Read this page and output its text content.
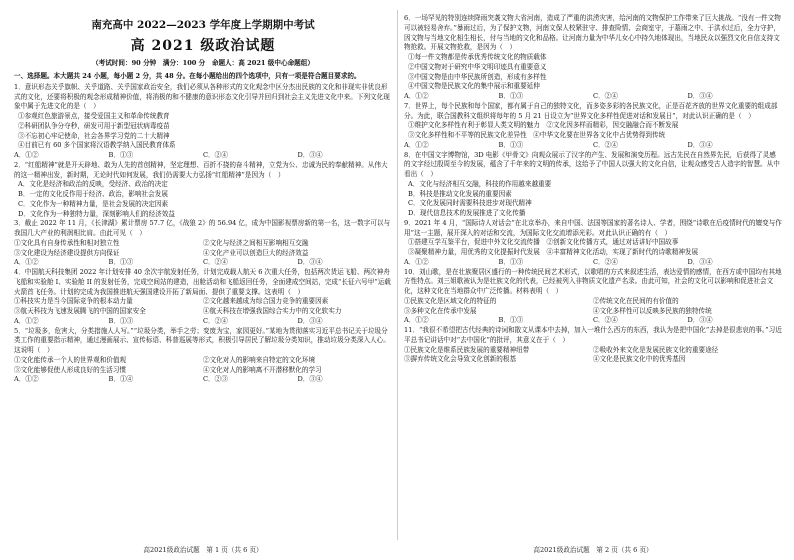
南充高中 2022—2023 学年度上学期期中考试
高 2021 级政治试题
（考试时间：90 分钟　满分：100 分　命题人：高 2021 级中心命题组）
一、选择题。本大题共 24 小题，每小题 2 分，共 48 分。在每小题给出的四个选项中，只有一项是符合题目要求的。
1．意识形态关乎旗帜、关乎道路、关乎国家政治安全，我们必须从各种形式的文化观念中区分杰出民族的文化和非现实非优良形式的文化，还要将积极的观念形成精神价值，将消极的和不健康的意识形态文化引导并回归到社会主义先进文化中来。下列文化现象中属于先进文化的是（　）
①参观红色旅游景点，接受爱国主义和革命传统教育
②科研团队争分夺秒，研发可用于新型冠状病毒疫苗
③不忘初心牢记使命，社会各界学习党的二十大精神
④目前已有 60 多个国家将汉语教学纳入国民教育体系
A．①②	B．①③	C．②④	D．③④
2．“红船精神”就是开天辟地、敢为人先的首创精神，坚定理想、百折不挠的奋斗精神，立党为公、忠诚为民的奉献精神。从伟大的这一精神出发，新时期，无论时代如何发展，我们仍需要大力弘扬“红船精神”是因为（　）
A．文化是经济和政治的反映，受经济、政治的决定
B．一定的文化反作用于经济、政治，影响社会发展
C．文化作为一种精神力量，是社会发展的决定因素
D．文化作为一种独特力量，深刻影响人们的经济效益
3．截止 2022 年 11 月，《长津湖》累计票房 57.7 亿，《战狼 2》的 56.94 亿，成为中国影视票房新的第一名，这一数字可以与我国几大产业的利润相比肩。由此可见（　）
①文化具有自身传承性和相对独立性	②文化与经济之间相互影响相互交融
③文化建设为经济建设提供方向保证	④文化产业可以创造巨大的经济效益
A．①②	B．①③	C．②④	D．③④
4．中国航天科技集团 2022 年计划安排 40 余次宇航发射任务，计划完成载人航天 6 次重大任务，包括两次货运飞船、两次神舟飞船和实验舱 I、实验舱 II 的发射任务，完成空间站的建造，出舱活动和飞船返回任务，全面建成空间站，完成“长征六号甲”运载火箭首飞任务。计划的完成为我国推进航天强国建设开拓了新局面、提供了重要支撑。这表明（　）
①科技实力是当今国际竞争的根本动力量	②文化越来越成为综合国力竞争的重要因素
③航天科技为飞速发展腾飞的中国的国家安全	④航天科技在增强我国综合实力中的文化软实力
A．①②	B．①③	C．②④	D．③④
5．“垃圾多，危害大，分类措施人人写。”“垃圾分类，举手之劳；变废为宝，家园更好。”某地为贯彻落实习近平总书记关于垃圾分类工作的重要指示精神，通过漫画展示、宣传标语、科普巡展等形式，积极引导居民了解垃圾分类知识，推动垃圾分类深入人心。这说明（　）
①文化能传承一个人的世界观和价值观	②文化对人的影响来自特定的文化环境
③文化能够促使人形成良好的生活习惯	④文化对人的影响离不开潜移默化的学习
A．①②	B．①④	C．②③	D．③④
6．一场罕见的特别连续降雨突袭文物大省河南，造成了严重的洪涝灾害，给河南的文物保护工作带来了巨大挑战。“没有一件文物可以被轻易舍弃。”暴雨过后，为了保护文物，河南文保人校紧驻守、排查险情、会商室守，于墓雨之中、于洪水过后，全力守护，因文物与当地文化相生相长，付与当地的文化和品格。让河南力量为中华儿女心中持久地体现出，当地民众以强烈文化自信支持文物抢救。开展文物抢救，是因为（　）
①每一件文物都是传承优秀传统文化的物质载体
②中国文物对于研究中华文明印迹具有重要意义
③中国文物是由中华民族所创造，形成有多样性
④中国文物是民族文化的集中展示和重要延伸
A．①②	B．①③	C．②④	D．③④
7．世界上，每个民族和每个国家，都有属于自己的独特文化，而多姿多彩的各民族文化，正是百花齐放的世界文化重要的组成部分。为此，联合国教科文组织将每年的 5 月 21 日设立为“世界文化多样性促进对话和发展日”，对此认识正确的是（　）
①维护文化多样性有利于彰显人类文明的魅力　②文化因多样而精彩，因交融融合而不断发展
③文化多样性和不平等的民族文化差异性　④中华文化要在世界各文化中占优势得到传统
A．①②	B．①③	C．②④	D．③④
8．在中国文字博物馆，3D 电影《甲骨文》向观众展示了汉字的产生、发展和演变历程。远古先民在自然界先民，后获得了灵感的文字经过殷周至今的发展，蕴含了千年来的文明的传承，这给予了中国人以强大的文化自信，让观众感受古人造字的智慧。从中看出（　）
A．文化与经济相互交融，科技的作用越来越重要
B．科技是推动文化发展的重要因素
C．文化发展同时需要科技进步对现代精神
D．现代信息技术的发展推进了文化传播
9．2021 年 4 月，“国际诗人对话会”在北京举办，来自中国、法国等国家的著名诗人、学者，围绕“诗歌在后疫情时代的嬗变与作用”这一主题，展开深入的对话和交流，为国际文化交流增添光彩。对此认识正确的有（　）
①搭建互学互鉴平台，促进中外文化交流传播　②创新文化传播方式，通过对话讲好中国故事
③凝聚精神力量，用优秀的文化提振时代发展　④丰富精神文化活动，实现了新时代的诗歌精神发展
A．①②	B．①③	C．②④	D．③④
10．刘山歌，是在壮族聚居区盛行的一种传统民间艺术形式，以歌唱的方式来叙述生活，表达爱情的感情，在西方或中国均有其地方性特点。刘三姐歌被认为是壮族文化的代表，已经被列入非物质文化遗产名录。由此可知，社会的文化可以影响和促进社会文化，这种文化在当地群众中广泛传播。材料表明（　）
①民族文化是区域文化的特征的	②传统文化在民间的有价值的
③多种文化在传承中发展	④文化多样性可以反映多民族的独特传统
A．①②	B．①③	C．②④	D．③④
11．“我很不希望把古代经典的诗词和散文从课本中去掉，加入一堆什么西方的东西，我认为是把中国化”去掉是很悲哀的事。”习近平总书记讲话中对“去中国化”的批评，其意义在于（　）
①民族文化是维系民族发展的重要精神纽带	②吸收外来文化是发展民族文化的重要途径
③摒弃传统文化会导致文化创新的根基	④文化是民族文化中的优秀基因
高2021级政治试题　第 1 页（共 6 页）	高2021级政治试题　第 2 页（共 6 页）
